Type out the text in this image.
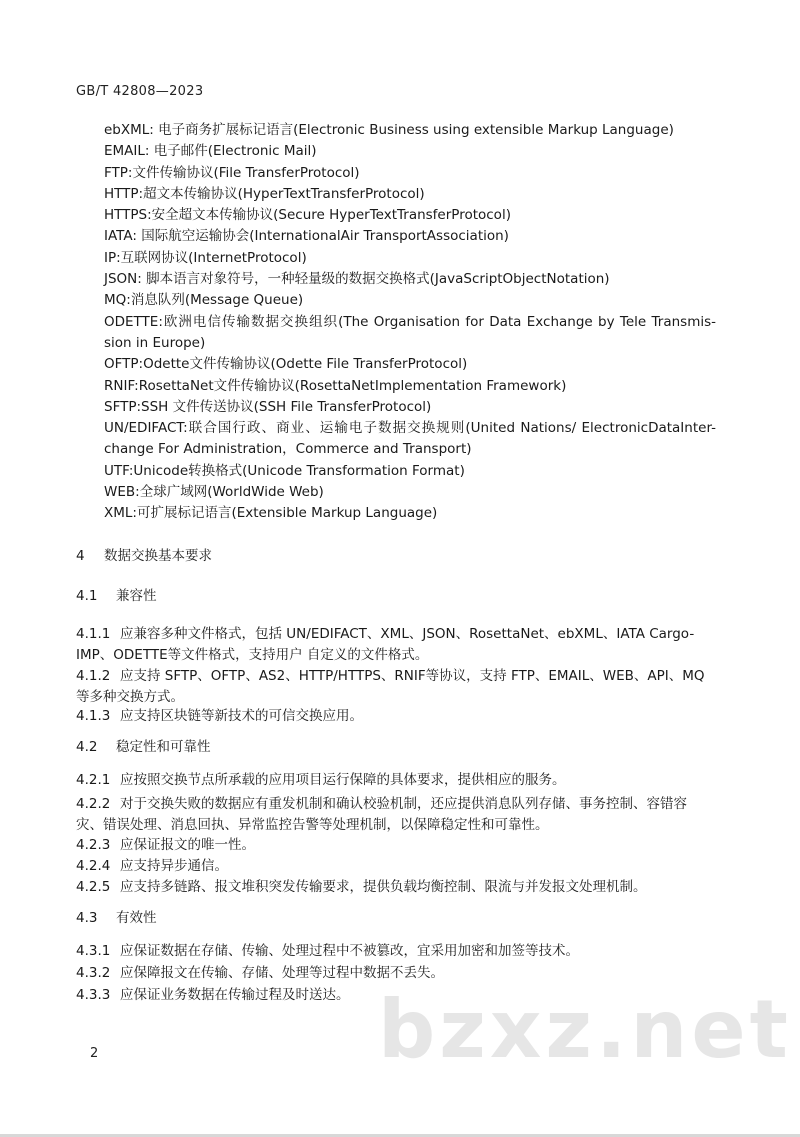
GB/T 42808—2023
ebXML: 电子商务扩展标记语言(Electronic Business using extensible Markup Language)
EMAIL: 电子邮件(Electronic Mail)
FTP:文件传输协议(File TransferProtocol)
HTTP:超文本传输协议(HyperTextTransferProtocol)
HTTPS:安全超文本传输协议(Secure HyperTextTransferProtocol)
IATA: 国际航空运输协会(InternationalAir TransportAssociation)
IP:互联网协议(InternetProtocol)
JSON: 脚本语言对象符号，一种轻量级的数据交换格式(JavaScriptObjectNotation)
MQ:消息队列(Message Queue)
ODETTE:欧洲电信传输数据交换组织(The Organisation for Data Exchange by Tele Transmis-sion in Europe)
OFTP:Odette文件传输协议(Odette File TransferProtocol)
RNIF:RosettaNet文件传输协议(RosettaNetImplementation Framework)
SFTP:SSH 文件传送协议(SSH File TransferProtocol)
UN/EDIFACT:联合国行政、商业、运输电子数据交换规则(United Nations/ ElectronicDataInter-change For Administration，Commerce and Transport)
UTF:Unicode转换格式(Unicode Transformation Format)
WEB:全球广域网(WorldWide Web)
XML:可扩展标记语言(Extensible Markup Language)
4 数据交换基本要求
4.1 兼容性
4.1.1 应兼容多种文件格式，包括 UN/EDIFACT、XML、JSON、RosettaNet、ebXML、IATA Cargo-IMP、ODETTE等文件格式，支持用户 自定义的文件格式。
4.1.2 应支持 SFTP、OFTP、AS2、HTTP/HTTPS、RNIF等协议，支持 FTP、EMAIL、WEB、API、MQ 等多种交换方式。
4.1.3 应支持区块链等新技术的可信交换应用。
4.2 稳定性和可靠性
4.2.1 应按照交换节点所承载的应用项目运行保障的具体要求，提供相应的服务。
4.2.2 对于交换失败的数据应有重发机制和确认校验机制，还应提供消息队列存储、事务控制、容错容灾、错误处理、消息回执、异常监控告警等处理机制，以保障稳定性和可靠性。
4.2.3 应保证报文的唯一性。
4.2.4 应支持异步通信。
4.2.5 应支持多链路、报文堆积突发传输要求，提供负载均衡控制、限流与并发报文处理机制。
4.3 有效性
4.3.1 应保证数据在存储、传输、处理过程中不被篡改，宜采用加密和加签等技术。
4.3.2 应保障报文在传输、存储、处理等过程中数据不丢失。
4.3.3 应保证业务数据在传输过程及时送达。 bzxz.net
2
